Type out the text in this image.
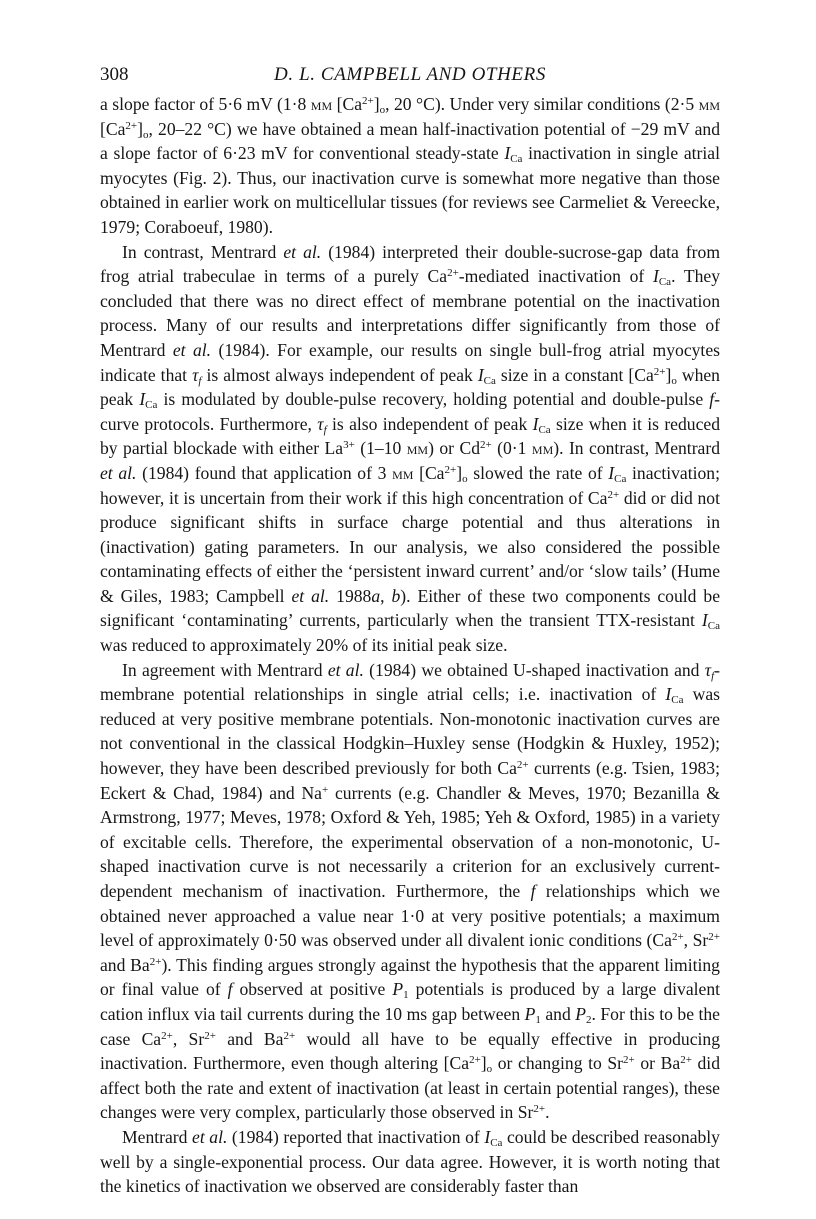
308	D. L. CAMPBELL AND OTHERS

a slope factor of 5·6 mV (1·8 mm $[Ca^{2+}]_o$, 20 °C). Under very similar conditions (2·5 mm $[Ca^{2+}]_o$, 20–22 °C) we have obtained a mean half-inactivation potential of −29 mV and a slope factor of 6·23 mV for conventional steady-state $I_{Ca}$ inactivation in single atrial myocytes (Fig. 2). Thus, our inactivation curve is somewhat more negative than those obtained in earlier work on multicellular tissues (for reviews see Carmeliet & Vereecke, 1979; Coraboeuf, 1980).

In contrast, Mentrard et al. (1984) interpreted their double-sucrose-gap data from frog atrial trabeculae in terms of a purely $Ca^{2+}$-mediated inactivation of $I_{Ca}$. They concluded that there was no direct effect of membrane potential on the inactivation process. Many of our results and interpretations differ significantly from those of Mentrard et al. (1984). For example, our results on single bull-frog atrial myocytes indicate that $\tau_f$ is almost always independent of peak $I_{Ca}$ size in a constant $[Ca^{2+}]_o$ when peak $I_{Ca}$ is modulated by double-pulse recovery, holding potential and double-pulse f-curve protocols. Furthermore, $\tau_f$ is also independent of peak $I_{Ca}$ size when it is reduced by partial blockade with either $La^{3+}$ (1–10 μm) or $Cd^{2+}$ (0·1 mm). In contrast, Mentrard et al. (1984) found that application of 3 mm $[Ca^{2+}]_o$ slowed the rate of $I_{Ca}$ inactivation; however, it is uncertain from their work if this high concentration of $Ca^{2+}$ did or did not produce significant shifts in surface charge potential and thus alterations in (inactivation) gating parameters. In our analysis, we also considered the possible contaminating effects of either the ‘persistent inward current’ and/or ‘slow tails’ (Hume & Giles, 1983; Campbell et al. 1988a, b). Either of these two components could be significant ‘contaminating’ currents, particularly when the transient TTX-resistant $I_{Ca}$ was reduced to approximately 20% of its initial peak size.

In agreement with Mentrard et al. (1984) we obtained U-shaped inactivation and $\tau_f$-membrane potential relationships in single atrial cells; i.e. inactivation of $I_{Ca}$ was reduced at very positive membrane potentials. Non-monotonic inactivation curves are not conventional in the classical Hodgkin–Huxley sense (Hodgkin & Huxley, 1952); however, they have been described previously for both $Ca^{2+}$ currents (e.g. Tsien, 1983; Eckert & Chad, 1984) and Na+ currents (e.g. Chandler & Meves, 1970; Bezanilla & Armstrong, 1977; Meves, 1978; Oxford & Yeh, 1985; Yeh & Oxford, 1985) in a variety of excitable cells. Therefore, the experimental observation of a non-monotonic, U-shaped inactivation curve is not necessarily a criterion for an exclusively current-dependent mechanism of inactivation. Furthermore, the f relationships which we obtained never approached a value near 1·0 at very positive potentials; a maximum level of approximately 0·50 was observed under all divalent ionic conditions ($Ca^{2+}$, $Sr^{2+}$ and $Ba^{2+}$). This finding argues strongly against the hypothesis that the apparent limiting or final value of f observed at positive $P_1$ potentials is produced by a large divalent cation influx via tail currents during the 10 ms gap between $P_1$ and $P_2$. For this to be the case $Ca^{2+}$, $Sr^{2+}$ and $Ba^{2+}$ would all have to be equally effective in producing inactivation. Furthermore, even though altering $[Ca^{2+}]_o$ or changing to $Sr^{2+}$ or $Ba^{2+}$ did affect both the rate and extent of inactivation (at least in certain potential ranges), these changes were very complex, particularly those observed in $Sr^{2+}$.

Mentrard et al. (1984) reported that inactivation of $I_{Ca}$ could be described reasonably well by a single-exponential process. Our data agree. However, it is worth noting that the kinetics of inactivation we observed are considerably faster than
